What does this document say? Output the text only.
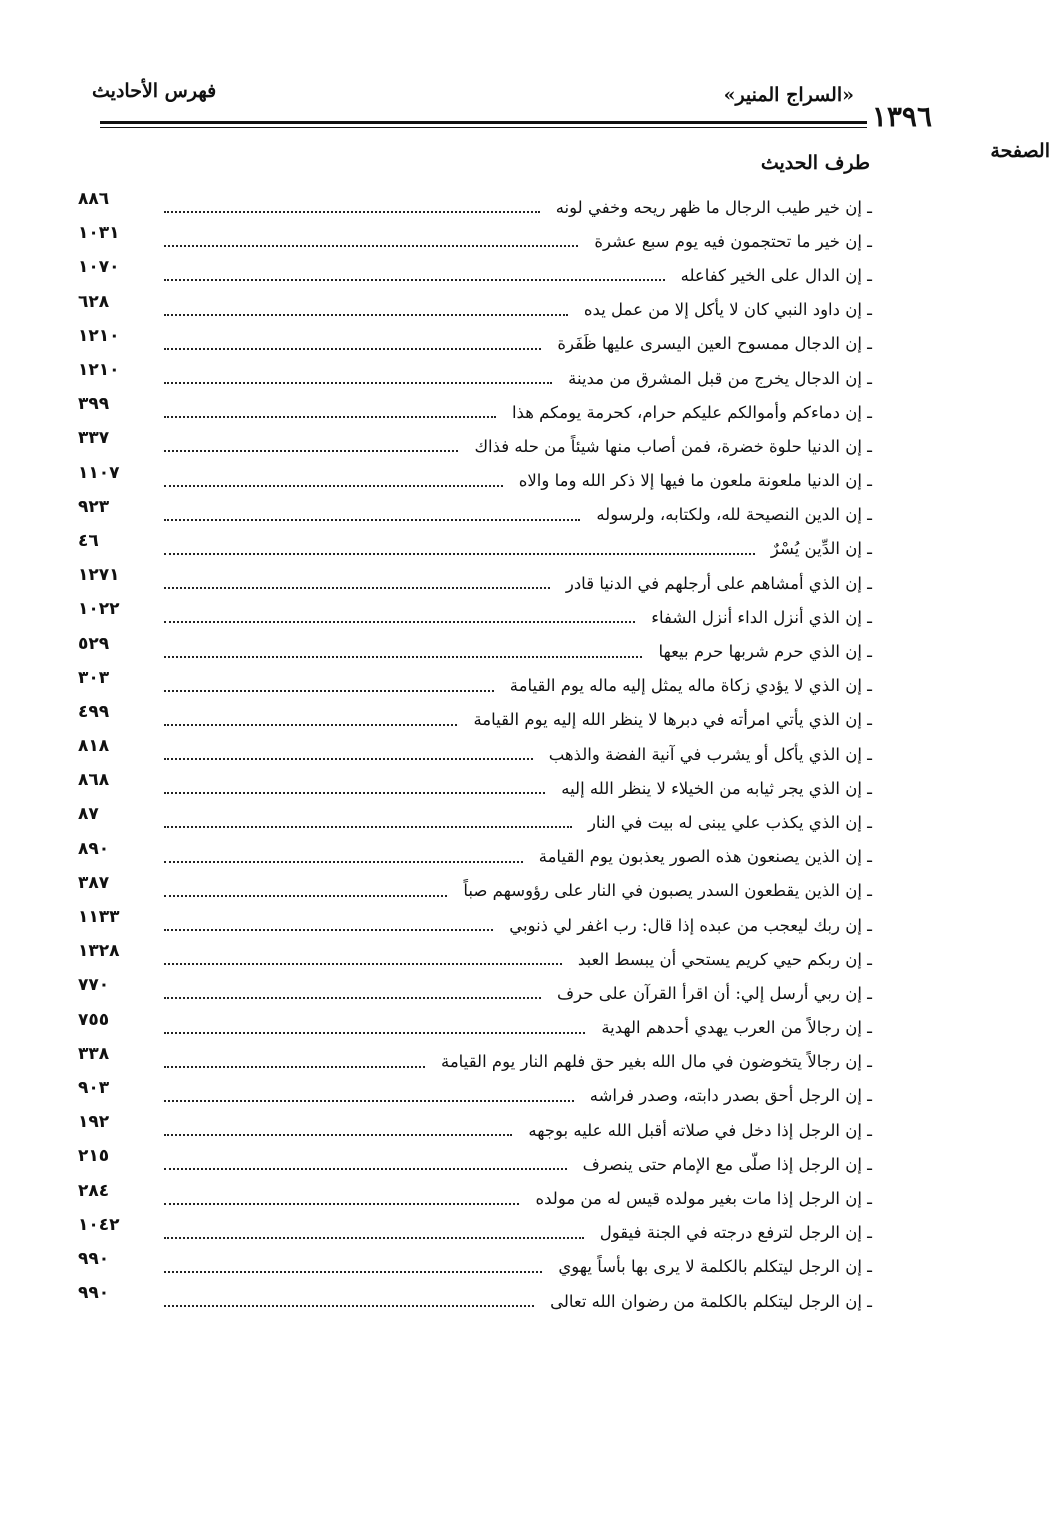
١٣٩٦
«السراج المنير»
فهرس الأحاديث
طرف الحديث
الصفحة
ـ إن خير طيب الرجال ما ظهر ريحه وخفي لونه
٨٨٦
ـ إن خير ما تحتجمون فيه يوم سبع عشرة
١٠٣١
ـ إن الدال على الخير كفاعله
١٠٧٠
ـ إن داود النبي كان لا يأكل إلا من عمل يده
٦٢٨
ـ إن الدجال ممسوح العين اليسرى عليها ظَفَرة
١٢١٠
ـ إن الدجال يخرج من قبل المشرق من مدينة
١٢١٠
ـ إن دماءكم وأموالكم عليكم حرام، كحرمة يومكم هذا
٣٩٩
ـ إن الدنيا حلوة خضرة، فمن أصاب منها شيئاً من حله فذاك
٣٣٧
ـ إن الدنيا ملعونة ملعون ما فيها إلا ذكر الله وما والاه
١١٠٧
ـ إن الدين النصيحة لله، ولكتابه، ولرسوله
٩٢٣
ـ إن الدِّين يُسْرٌ
٤٦
ـ إن الذي أمشاهم على أرجلهم في الدنيا قادر
١٢٧١
ـ إن الذي أنزل الداء أنزل الشفاء
١٠٢٢
ـ إن الذي حرم شربها حرم بيعها
٥٢٩
ـ إن الذي لا يؤدي زكاة ماله يمثل إليه ماله يوم القيامة
٣٠٣
ـ إن الذي يأتي امرأته في دبرها لا ينظر الله إليه يوم القيامة
٤٩٩
ـ إن الذي يأكل أو يشرب في آنية الفضة والذهب
٨١٨
ـ إن الذي يجر ثيابه من الخيلاء لا ينظر الله إليه
٨٦٨
ـ إن الذي يكذب علي يبنى له بيت في النار
٨٧
ـ إن الذين يصنعون هذه الصور يعذبون يوم القيامة
٨٩٠
ـ إن الذين يقطعون السدر يصبون في النار على رؤوسهم صباً
٣٨٧
ـ إن ربك ليعجب من عبده إذا قال: رب اغفر لي ذنوبي
١١٣٣
ـ إن ربكم حيي كريم يستحي أن يبسط العبد
١٣٢٨
ـ إن ربي أرسل إلي: أن اقرأ القرآن على حرف
٧٧٠
ـ إن رجالاً من العرب يهدي أحدهم الهدية
٧٥٥
ـ إن رجالاً يتخوضون في مال الله بغير حق فلهم النار يوم القيامة
٣٣٨
ـ إن الرجل أحق بصدر دابته، وصدر فراشه
٩٠٣
ـ إن الرجل إذا دخل في صلاته أقبل الله عليه بوجهه
١٩٢
ـ إن الرجل إذا صلّى مع الإمام حتى ينصرف
٢١٥
ـ إن الرجل إذا مات بغير مولده قيس له من مولده
٢٨٤
ـ إن الرجل لترفع درجته في الجنة فيقول
١٠٤٢
ـ إن الرجل ليتكلم بالكلمة لا يرى بها بأساً يهوي
٩٩٠
ـ إن الرجل ليتكلم بالكلمة من رضوان الله تعالى
٩٩٠
